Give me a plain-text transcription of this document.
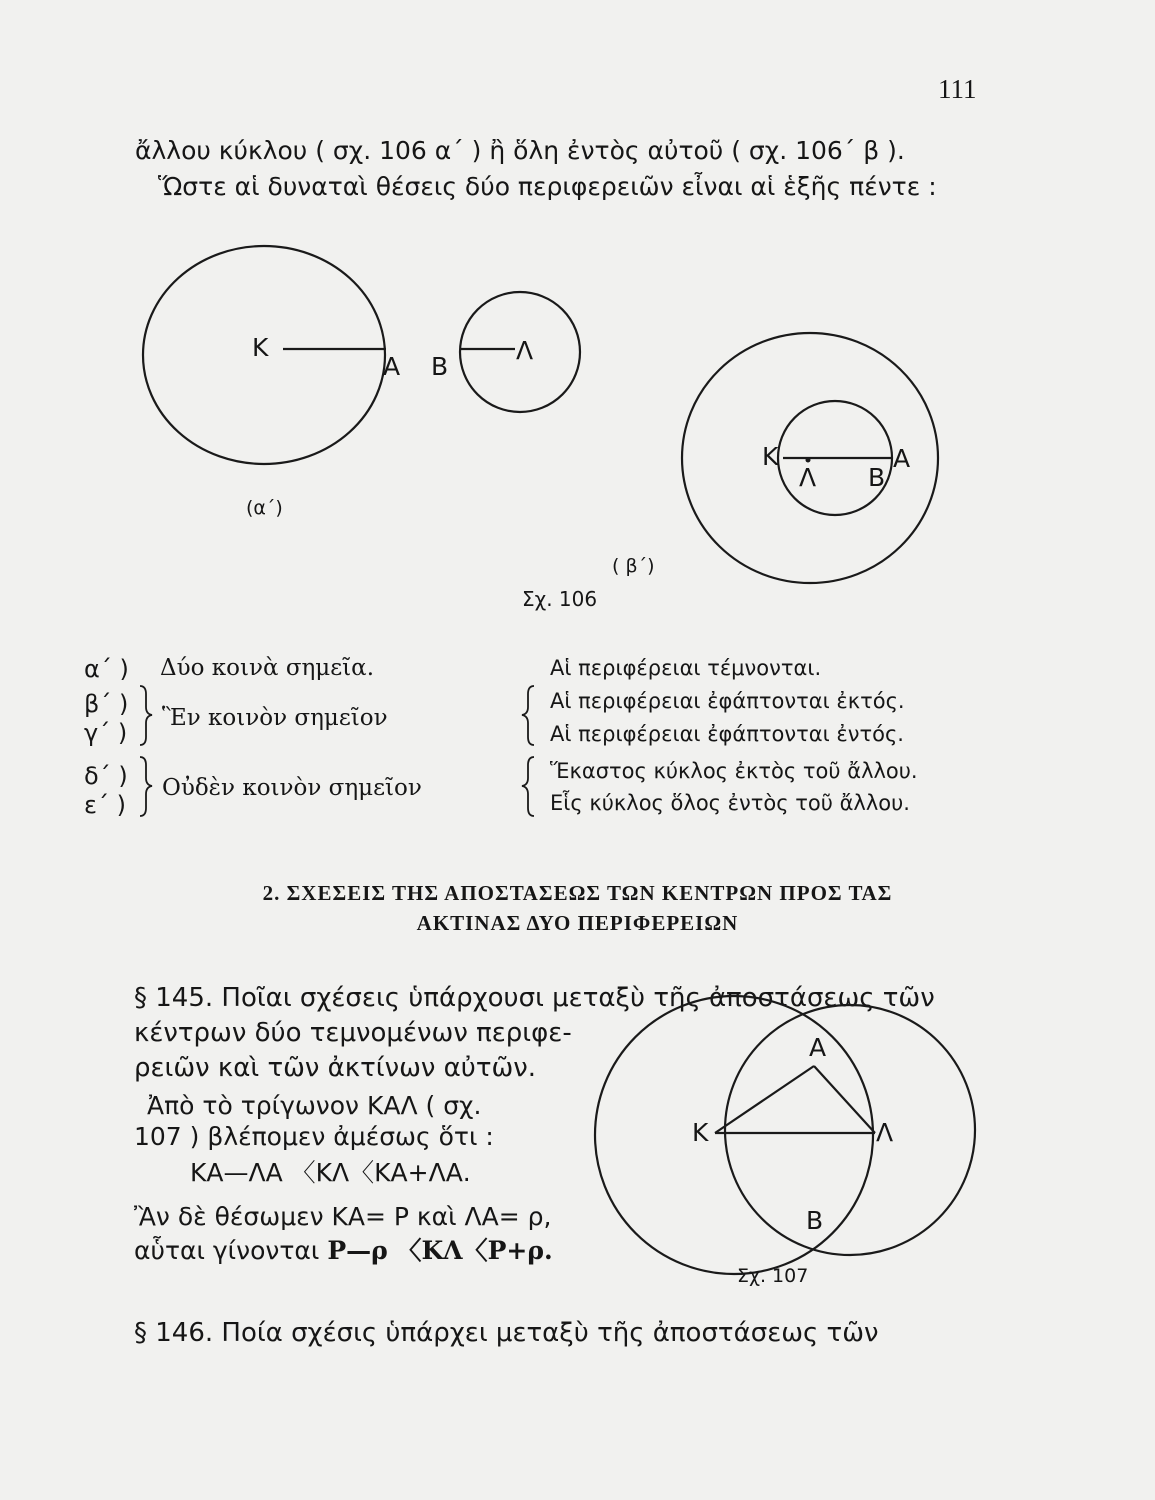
111
ἄλλου κύκλου ( σχ. 106 α΄ ) ἢ ὅλη ἐντὸς αὐτοῦ ( σχ. 106΄ β ).
Ὥστε αἱ δυναταὶ θέσεις δύο περιφερειῶν εἶναι αἱ ἑξῆς πέντε :
K
A B
Λ
(α΄)
K
Λ B
A
( β΄)
Σχ. 106
α΄ )
β΄ )
γ΄ )
δ΄ )
ε΄ )
Δύο κοινὰ σημεῖα.
Ἓν κοινὸν σημεῖον
Οὐδὲν κοινὸν σημεῖον
Αἱ περιφέρειαι τέμνονται.
Αἱ περιφέρειαι ἐφάπτονται ἐκτός.
Αἱ περιφέρειαι ἐφάπτονται ἐντός.
Ἕκαστος κύκλος ἐκτὸς τοῦ ἄλλου.
Εἷς κύκλος ὅλος ἐντὸς τοῦ ἄλλου.
2. ΣΧΕΣΕΙΣ ΤΗΣ ΑΠΟΣΤΑΣΕΩΣ ΤΩΝ ΚΕΝΤΡΩΝ ΠΡΟΣ ΤΑΣ
ΑΚΤΙΝΑΣ ΔΥΟ ΠΕΡΙΦΕΡΕΙΩΝ
§ 145. Ποῖαι σχέσεις ὑπάρχουσι μεταξὺ τῆς ἀποστάσεως τῶν
κέντρων δύο τεμνομένων περιφε-
ρειῶν καὶ τῶν ἀκτίνων αὐτῶν.
Ἀπὸ τὸ τρίγωνον ΚΑΛ ( σχ.
107 ) βλέπομεν ἀμέσως ὅτι :
ΚΑ—ΛΑ 〈ΚΛ〈ΚΑ+ΛΑ.
Ἂν δὲ θέσωμεν ΚΑ= Ρ καὶ ΛΑ= ρ,
αὗται γίνονται Ρ—ρ 〈ΚΛ〈Ρ+ρ.
A
K	Λ
B
Σχ. 107
§ 146. Ποία σχέσις ὑπάρχει μεταξὺ τῆς ἀποστάσεως τῶν
